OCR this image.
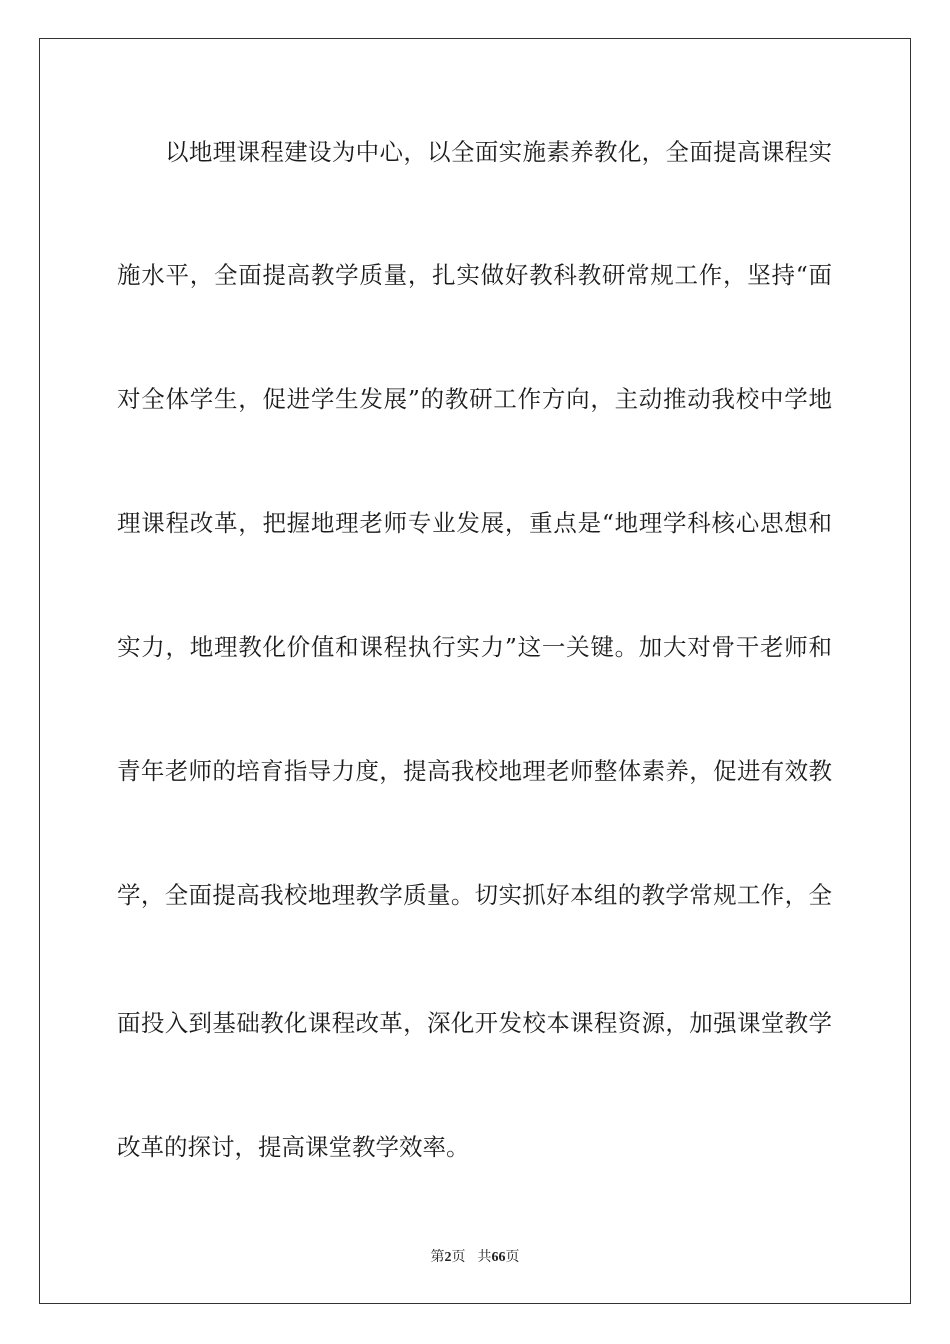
以地理课程建设为中心，以全面实施素养教化，全面提高课程实
施水平，全面提高教学质量，扎实做好教科教研常规工作，坚持“面
对全体学生，促进学生发展”的教研工作方向，主动推动我校中学地
理课程改革，把握地理老师专业发展，重点是“地理学科核心思想和
实力，地理教化价值和课程执行实力”这一关键。加大对骨干老师和
青年老师的培育指导力度，提高我校地理老师整体素养，促进有效教
学，全面提高我校地理教学质量。切实抓好本组的教学常规工作，全
面投入到基础教化课程改革，深化开发校本课程资源，加强课堂教学
改革的探讨，提高课堂教学效率。
第2页 共66页
